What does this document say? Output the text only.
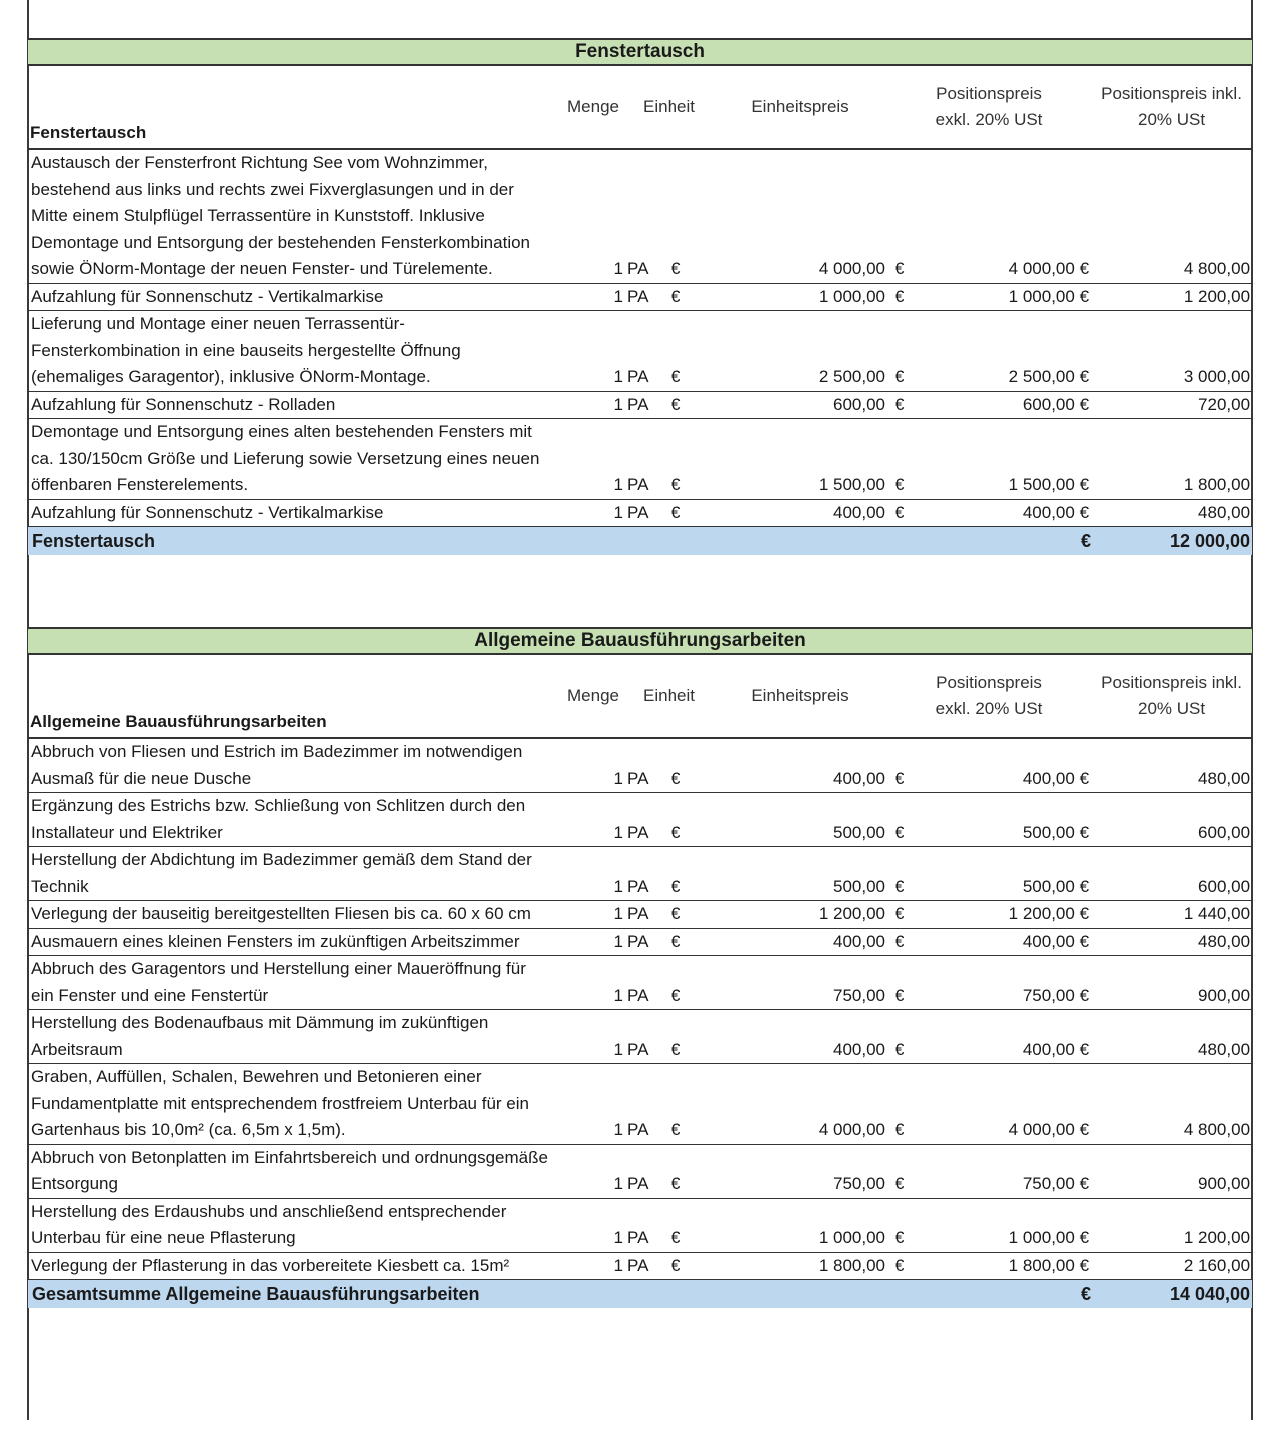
Fenstertausch
Fenstertausch	Menge	Einheit		Einheitspreis	Positionspreis exkl. 20% USt		Positionspreis inkl. 20% USt
Austausch der Fensterfront Richtung See vom Wohnzimmer, bestehend aus links und rechts zwei Fixverglasungen und in der Mitte einem Stulpflügel Terrassentüre in Kunststoff. Inklusive Demontage und Entsorgung der bestehenden Fensterkombination sowie ÖNorm-Montage der neuen Fenster- und Türelemente.	1	PA	€	4 000,00	€	4 000,00 €	4 800,00
Aufzahlung für Sonnenschutz - Vertikalmarkise	1	PA	€	1 000,00	€	1 000,00 €	1 200,00
Lieferung und Montage einer neuen Terrassentür-Fensterkombination in eine bauseits hergestellte Öffnung (ehemaliges Garagentor), inklusive ÖNorm-Montage.	1	PA	€	2 500,00	€	2 500,00 €	3 000,00
Aufzahlung für Sonnenschutz - Rolladen	1	PA	€	600,00	€	600,00 €	720,00
Demontage und Entsorgung eines alten bestehenden Fensters mit ca. 130/150cm Größe und Lieferung sowie Versetzung eines neuen öffenbaren Fensterelements.	1	PA	€	1 500,00	€	1 500,00 €	1 800,00
Aufzahlung für Sonnenschutz - Vertikalmarkise	1	PA	€	400,00	€	400,00 €	480,00
Fenstertausch						€	12 000,00
Allgemeine Bauausführungsarbeiten
Allgemeine Bauausführungsarbeiten	Menge	Einheit		Einheitspreis	Positionspreis exkl. 20% USt		Positionspreis inkl. 20% USt
Abbruch von Fliesen und Estrich im Badezimmer im notwendigen Ausmaß für die neue Dusche	1	PA	€	400,00	€	400,00 €	480,00
Ergänzung des Estrichs bzw. Schließung von Schlitzen durch den Installateur und Elektriker	1	PA	€	500,00	€	500,00 €	600,00
Herstellung der Abdichtung im Badezimmer gemäß dem Stand der Technik	1	PA	€	500,00	€	500,00 €	600,00
Verlegung der bauseitig bereitgestellten Fliesen bis ca. 60 x 60 cm	1	PA	€	1 200,00	€	1 200,00 €	1 440,00
Ausmauern eines kleinen Fensters im zukünftigen Arbeitszimmer	1	PA	€	400,00	€	400,00 €	480,00
Abbruch des Garagentors und Herstellung einer Maueröffnung für ein Fenster und eine Fenstertür	1	PA	€	750,00	€	750,00 €	900,00
Herstellung des Bodenaufbaus mit Dämmung im zukünftigen Arbeitsraum	1	PA	€	400,00	€	400,00 €	480,00
Graben, Auffüllen, Schalen, Bewehren und Betonieren einer Fundamentplatte mit entsprechendem frostfreiem Unterbau für ein Gartenhaus bis 10,0m² (ca. 6,5m x 1,5m).	1	PA	€	4 000,00	€	4 000,00 €	4 800,00
Abbruch von Betonplatten im Einfahrtsbereich und ordnungsgemäße Entsorgung	1	PA	€	750,00	€	750,00 €	900,00
Herstellung des Erdaushubs und anschließend entsprechender Unterbau für eine neue Pflasterung	1	PA	€	1 000,00	€	1 000,00 €	1 200,00
Verlegung der Pflasterung in das vorbereitete Kiesbett ca. 15m²	1	PA	€	1 800,00	€	1 800,00 €	2 160,00
Gesamtsumme Allgemeine Bauausführungsarbeiten						€	14 040,00
